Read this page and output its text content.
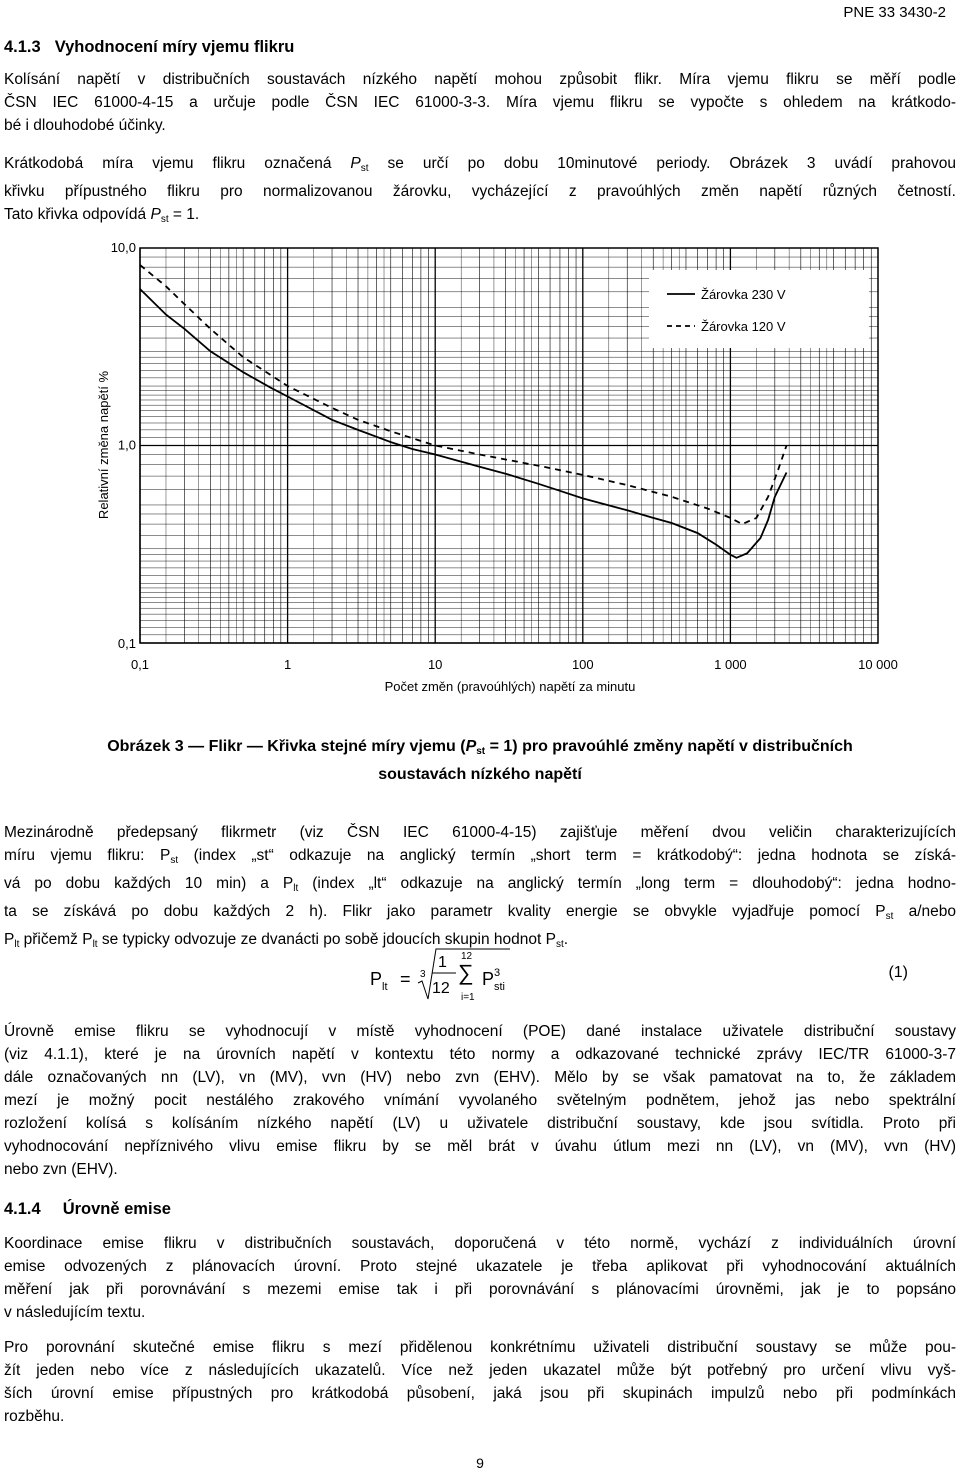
PNE 33 3430-2
4.1.3 Vyhodnocení míry vjemu flikru
Kolísání napětí v distribučních soustavách nízkého napětí mohou způsobit flikr. Míra vjemu flikru se měří podle
ČSN IEC 61000-4-15 a určuje podle ČSN IEC 61000-3-3. Míra vjemu flikru se vypočte s ohledem na krátkodo-
bé i dlouhodobé účinky.
Krátkodobá míra vjemu flikru označená $P_{st}$ se určí po dobu 10minutové periody. Obrázek 3 uvádí prahovou
křivku přípustného flikru pro normalizovanou žárovku, vycházející z pravoúhlých změn napětí různých četností.
Tato křivka odpovídá $P_{st} = 1$.
Žárovka 230 V
Žárovka 120 V
10,0
1,0
0,1
0,1	1	10	100	1 000	10 000
Počet změn (pravoúhlých) napětí za minutu
Relativní změna napětí %
Obrázek 3 — Flikr — Křivka stejné míry vjemu $(P_{st} = 1)$ pro pravoúhlé změny napětí v distribučních
soustavách nízkého napětí
Mezinárodně předepsaný flikrmetr (viz ČSN IEC 61000-4-15) zajišťuje měření dvou veličin charakterizujících
míru vjemu flikru: $P_{st}$ (index „st“ odkazuje na anglický termín „short term = krátkodobý“: jedna hodnota se získá-
vá po dobu každých 10 min) a $P_{lt}$ (index „lt“ odkazuje na anglický termín „long term = dlouhodobý“: jedna hodno-
ta se získává po dobu každých 2 h). Flikr jako parametr kvality energie se obvykle vyjadřuje pomocí $P_{st}$ a/nebo
$P_{lt}$ přičemž $P_{lt}$ se typicky odvozuje ze dvanácti po sobě jdoucích skupin hodnot $P_{st}$.
P lt = 3
1
12
12
∑
i=1
P 3
sti
(1)
Úrovně emise flikru se vyhodnocují v místě vyhodnocení (POE) dané instalace uživatele distribuční soustavy
(viz 4.1.1), které je na úrovních napětí v kontextu této normy a odkazované technické zprávy IEC/TR 61000-3-7
dále označovaných nn (LV), vn (MV), vvn (HV) nebo zvn (EHV). Mělo by se však pamatovat na to, že základem
mezí je možný pocit nestálého zrakového vnímání vyvolaného světelným podnětem, jehož jas nebo spektrální
rozložení kolísá s kolísáním nízkého napětí (LV) u uživatele distribuční soustavy, kde jsou svítidla. Proto při
vyhodnocování nepříznivého vlivu emise flikru by se měl brát v úvahu útlum mezi nn (LV), vn (MV), vvn (HV)
nebo zvn (EHV).
4.1.4 Úrovně emise
Koordinace emise flikru v distribučních soustavách, doporučená v této normě, vychází z individuálních úrovní
emise odvozených z plánovacích úrovní. Proto stejné ukazatele je třeba aplikovat při vyhodnocování aktuálních
měření jak při porovnávání s mezemi emise tak i při porovnávání s plánovacími úrovněmi, jak je to popsáno
v následujícím textu.
Pro porovnání skutečné emise flikru s mezí přidělenou konkrétnímu uživateli distribuční soustavy se může pou-
žít jeden nebo více z následujících ukazatelů. Více než jeden ukazatel může být potřebný pro určení vlivu vyš-
ších úrovní emise přípustných pro krátkodobá působení, jaká jsou při skupinách impulzů nebo při podmínkách
rozběhu.
9
